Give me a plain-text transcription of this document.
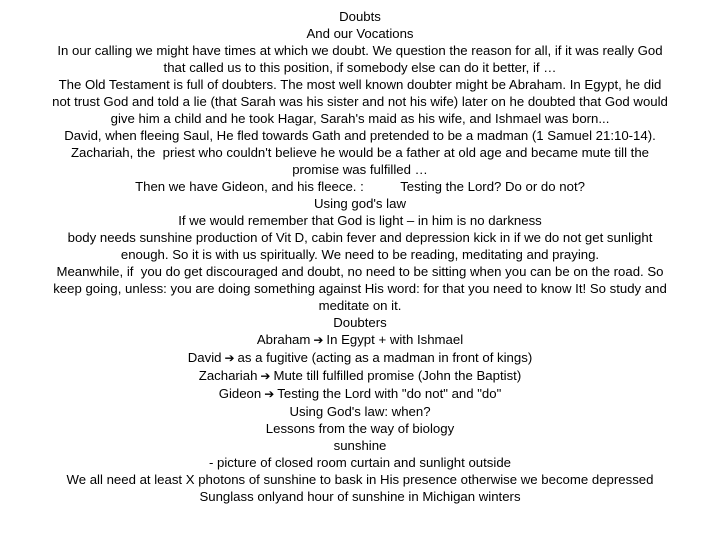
Doubts
And our Vocations
In our calling we might have times at which we doubt. We question the reason for all, if it was really God
that called us to this position, if somebody else can do it better, if …
The Old Testament is full of doubters. The most well known doubter might be Abraham. In Egypt, he did
not trust God and told a lie (that Sarah was his sister and not his wife) later on he doubted that God would
give him a child and he took Hagar, Sarah's maid as his wife, and Ishmael was born...
David, when fleeing Saul, He fled towards Gath and pretended to be a madman (1 Samuel 21:10-14).
Zachariah, the  priest who couldn't believe he would be a father at old age and became mute till the
promise was fulfilled …
Then we have Gideon, and his fleece. :          Testing the Lord? Do or do not?
Using god's law
If we would remember that God is light – in him is no darkness
body needs sunshine production of Vit D, cabin fever and depression kick in if we do not get sunlight
enough. So it is with us spiritually. We need to be reading, meditating and praying.
Meanwhile, if  you do get discouraged and doubt, no need to be sitting when you can be on the road. So
keep going, unless: you are doing something against His word: for that you need to know It! So study and
meditate on it.
Doubters
Abraham ➔ In Egypt + with Ishmael
David ➔ as a fugitive (acting as a madman in front of kings)
Zachariah ➔ Mute till fulfilled promise (John the Baptist)
Gideon ➔ Testing the Lord with "do not" and "do"
Using God's law: when?
Lessons from the way of biology
sunshine
- picture of closed room curtain and sunlight outside
We all need at least X photons of sunshine to bask in His presence otherwise we become depressed
Sunglass onlyand hour of sunshine in Michigan winters
